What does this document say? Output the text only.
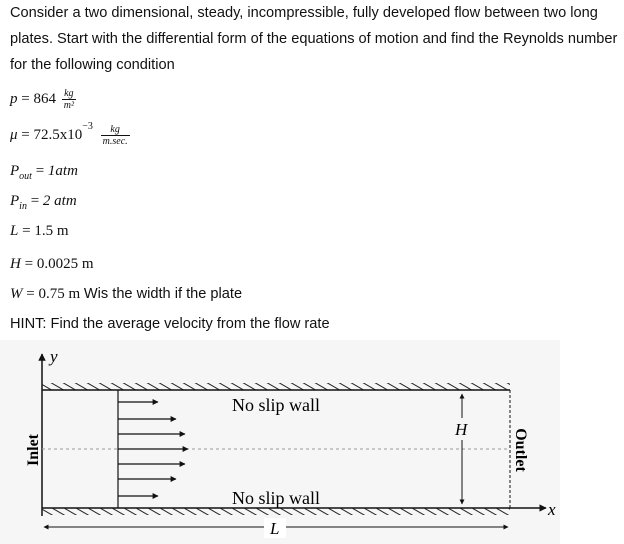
Consider a two dimensional, steady, incompressible, fully developed flow between two long plates. Start with the differential form of the equations of motion and find the Reynolds number for the following condition
$p = 864 \frac{kg}{\text{m²}}$
$\mu = 72.5x10^{-3} \frac{kg}{m.\sec.}$
$P_{out} = 1atm$
$P_{in} = 2$ atm
L = 1.5 m
H = 0.0025 m
W = 0.75 m Wis the width if the plate
HINT: Find the average velocity from the flow rate
y
No slip wall
No slip wall
H
L
x
Inlet	Outlet
